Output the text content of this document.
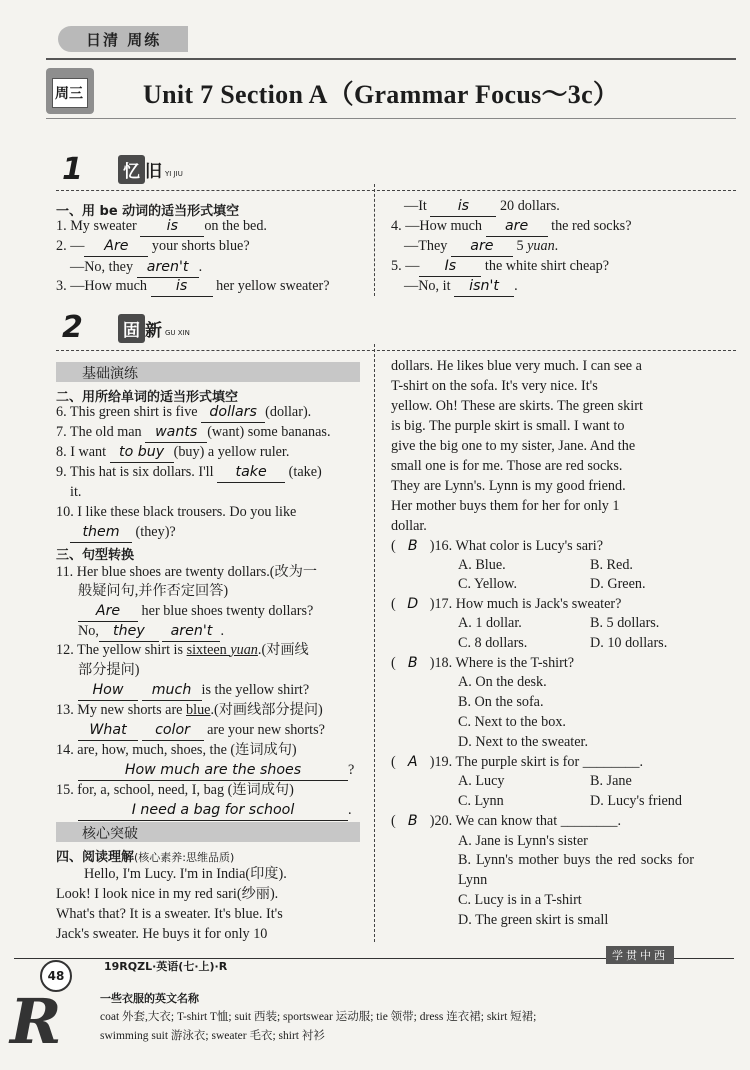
日清 周练
周三 Unit 7 Section A（Grammar Focus～3c）
1 忆 旧 YI JIU
一、用 be 动词的适当形式填空
1. My sweater is on the bed.
2. — Are your shorts blue?
—No, they aren't .
3. —How much is her yellow sweater?
—It is 20 dollars.
4. —How much are the red socks?
—They are 5 yuan.
5. — Is the white shirt cheap?
—No, it isn't .
2 固 新 GU XIN
基础演练
二、用所给单词的适当形式填空
6. This green shirt is five dollars (dollar).
7. The old man wants (want) some bananas.
8. I want to buy (buy) a yellow ruler.
9. This hat is six dollars. I'll take (take)
it.
10. I like these black trousers. Do you like
them (they)?
三、句型转换
11. Her blue shoes are twenty dollars.(改为一
般疑问句,并作否定回答)
Are her blue shoes twenty dollars?
No, they aren't .
12. The yellow shirt is sixteen yuan.(对画线
部分提问)
How much is the yellow shirt?
13. My new shorts are blue.(对画线部分提问)
What color are your new shorts?
14. are, how, much, shoes, the (连词成句)
How much are the shoes	?
15. for, a, school, need, I, bag (连词成句)
I need a bag for school	.
核心突破
四、阅读理解(核心素养:思维品质)
Hello, I'm Lucy. I'm in India(印度).
Look! I look nice in my red sari(纱丽).
What's that? It is a sweater. It's blue. It's
Jack's sweater. He buys it for only 10
dollars. He likes blue very much. I can see a
T-shirt on the sofa. It's very nice. It's
yellow. Oh! These are skirts. The green skirt
is big. The purple skirt is small. I want to
give the big one to my sister, Jane. And the
small one is for me. Those are red socks.
They are Lynn's. Lynn is my good friend.
Her mother buys them for her for only 1
dollar.
( B )16. What color is Lucy's sari?
A. Blue.	B. Red.
C. Yellow.	D. Green.
( D )17. How much is Jack's sweater?
A. 1 dollar.	B. 5 dollars.
C. 8 dollars.	D. 10 dollars.
( B )18. Where is the T-shirt?
A. On the desk.
B. On the sofa.
C. Next to the box.
D. Next to the sweater.
( A )19. The purple skirt is for ________.
A. Lucy	B. Jane
C. Lynn	D. Lucy's friend
( B )20. We can know that ________.
A. Jane is Lynn's sister
B. Lynn's mother buys the red socks for Lynn
C. Lucy is in a T-shirt
D. The green skirt is small
48
19RQZL·英语(七·上)·R
学贯中西
R	一些衣服的英文名称
coat 外套,大衣; T-shirt T恤; suit 西装; sportswear 运动服; tie 领带; dress 连衣裙; skirt 短裙;
swimming suit 游泳衣; sweater 毛衣; shirt 衬衫
